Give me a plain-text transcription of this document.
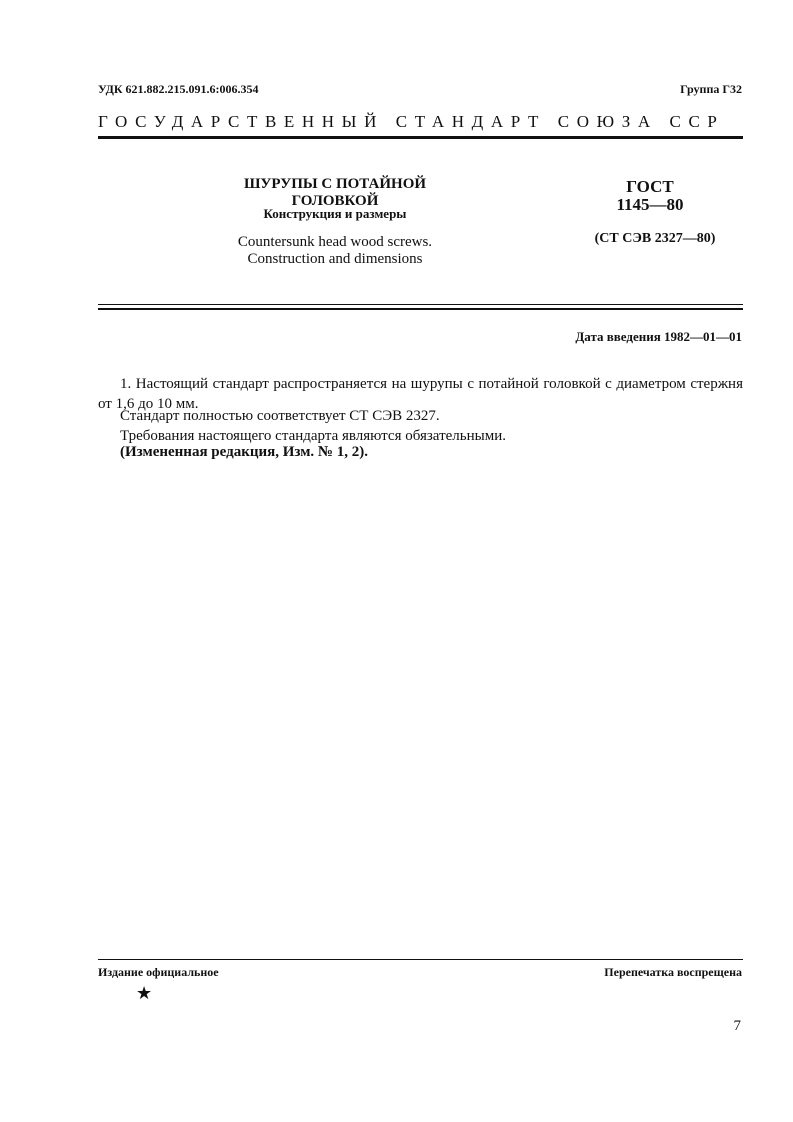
УДК 621.882.215.091.6:006.354	Группа Г32
ГОСУДАРСТВЕННЫЙ СТАНДАРТ СОЮЗА ССР
ШУРУПЫ С ПОТАЙНОЙ ГОЛОВКОЙ
Конструкция и размеры
Countersunk head wood screws.
Construction and dimensions
ГОСТ
1145—80
(СТ СЭВ 2327—80)
Дата введения 1982—01—01
1. Настоящий стандарт распространяется на шурупы с потайной головкой с диаметром стержня от 1,6 до 10 мм.
Стандарт полностью соответствует СТ СЭВ 2327.
Требования настоящего стандарта являются обязательными.
(Измененная редакция, Изм. № 1, 2).
Издание официальное	Перепечатка воспрещена
★
7
